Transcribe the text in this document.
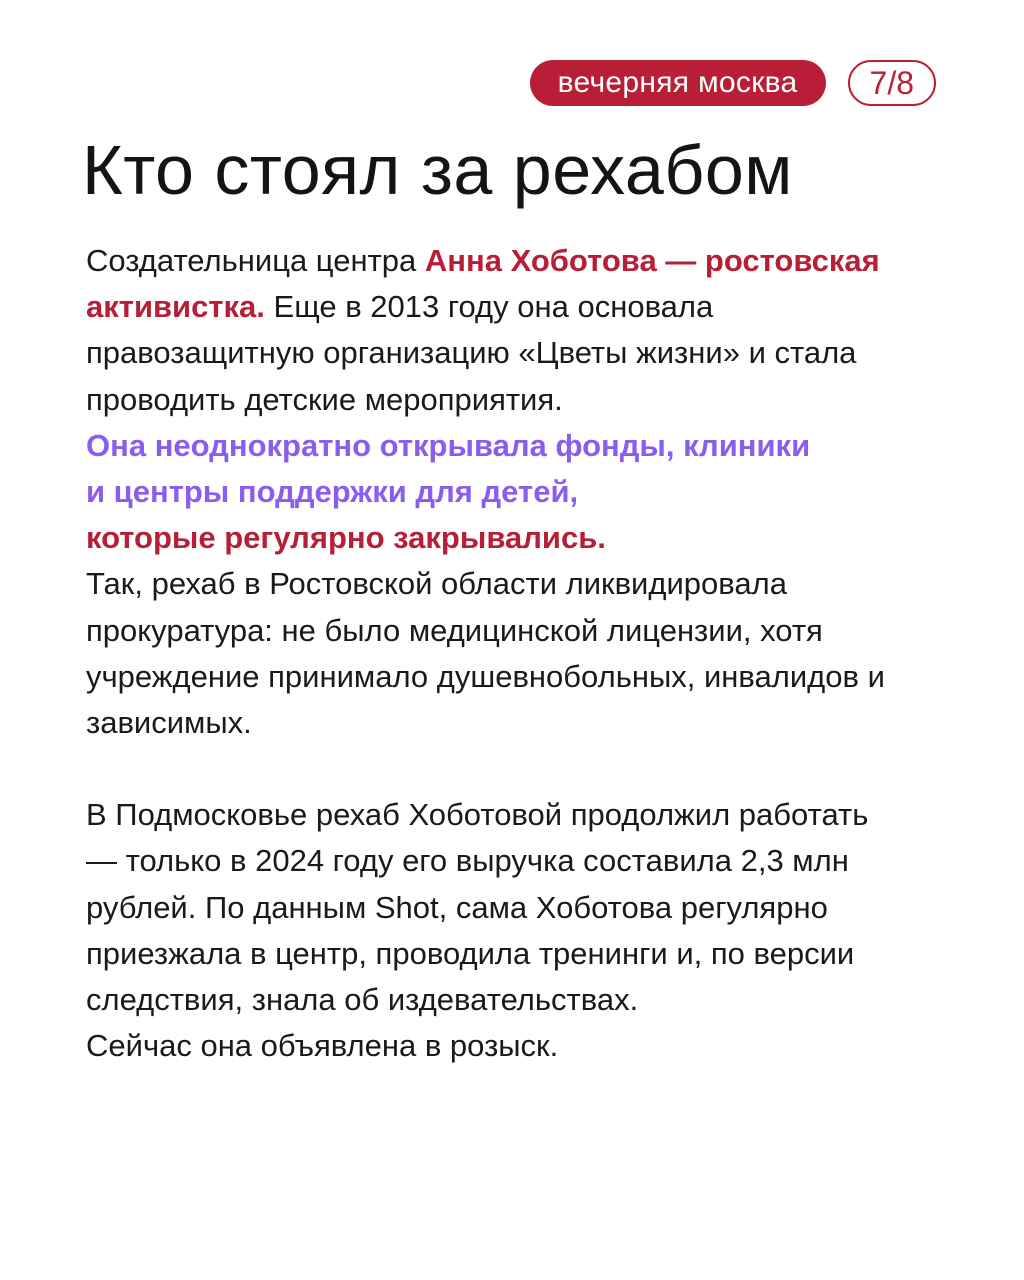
вечерняя москва	7/8
Кто стоял за рехабом

Создательница центра Анна Хоботова — ростовская активистка. Еще в 2013 году она основала правозащитную организацию «Цветы жизни» и стала проводить детские мероприятия.

Она неоднократно открывала фонды, клиники

и центры поддержки для детей,

которые регулярно закрывались.

Так, рехаб в Ростовской области ликвидировала прокуратура: не было медицинской лицензии, хотя учреждение принимало душевнобольных, инвалидов и зависимых.

В Подмосковье рехаб Хоботовой продолжил работать — только в 2024 году его выручка составила 2,3 млн рублей. По данным Shot, сама Хоботова регулярно приезжала в центр, проводила тренинги и, по версии следствия, знала об издевательствах.

Сейчас она объявлена в розыск.
